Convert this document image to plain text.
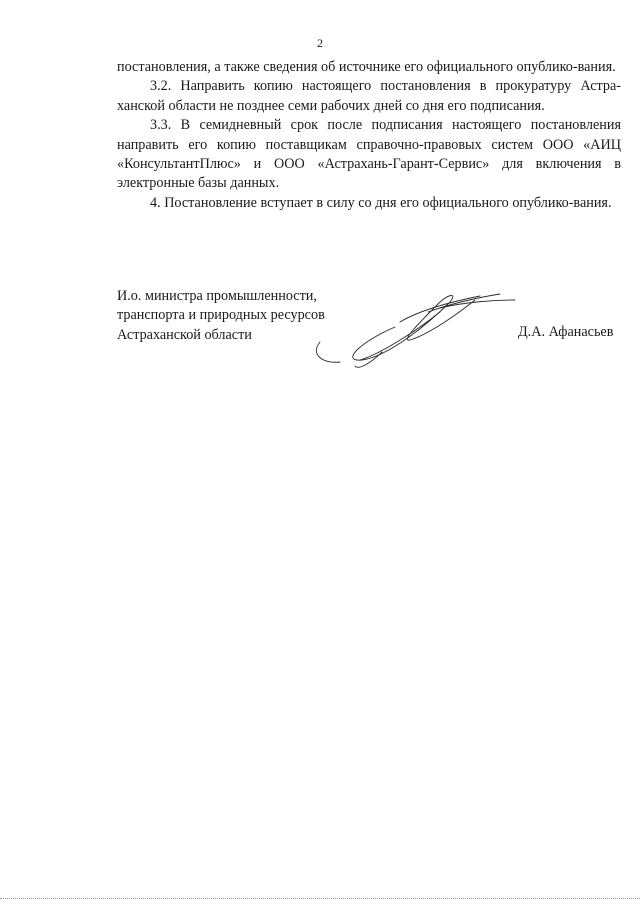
2

постановления, а также сведения об источнике его официального опублико-вания.

3.2. Направить копию настоящего постановления в прокуратуру Астра-ханской области не позднее семи рабочих дней со дня его подписания.

3.3. В семидневный срок после подписания настоящего постановления направить его копию поставщикам справочно-правовых систем ООО «АИЦ «КонсультантПлюс» и ООО «Астрахань-Гарант-Сервис» для включения в электронные базы данных.

4. Постановление вступает в силу со дня его официального опублико-вания.

И.о. министра промышленности,
транспорта и природных ресурсов
Астраханской области	Д.А. Афанасьев
